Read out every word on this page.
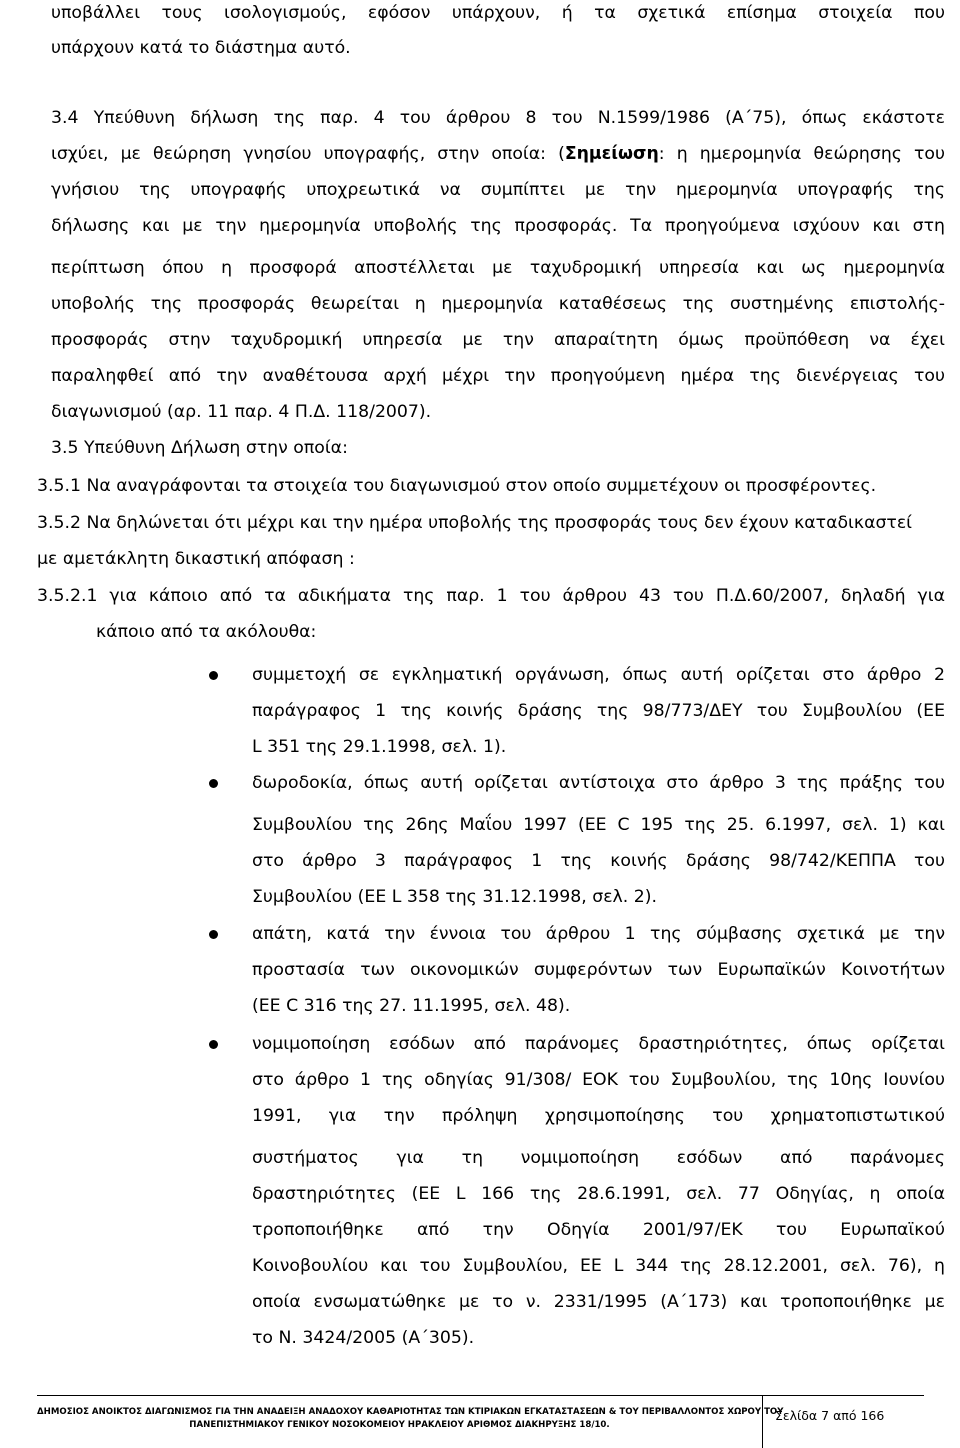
υποβάλλει τους ισολογισμούς, εφόσον υπάρχουν, ή τα σχετικά επίσημα στοιχεία που
υπάρχουν κατά το διάστημα αυτό.
3.4 Υπεύθυνη δήλωση της παρ. 4 του άρθρου 8 του Ν.1599/1986 (Α΄75), όπως εκάστοτε
ισχύει, με θεώρηση γνησίου υπογραφής, στην οποία: (Σημείωση: η ημερομηνία θεώρησης του
γνήσιου της υπογραφής υποχρεωτικά να συμπίπτει με την ημερομηνία υπογραφής της
δήλωσης και με την ημερομηνία υποβολής της προσφοράς. Τα προηγούμενα ισχύουν και στη
περίπτωση όπου η προσφορά αποστέλλεται με ταχυδρομική υπηρεσία και ως ημερομηνία
υποβολής της προσφοράς θεωρείται η ημερομηνία καταθέσεως της συστημένης επιστολής-
προσφοράς στην ταχυδρομική υπηρεσία με την απαραίτητη όμως προϋπόθεση να έχει
παραληφθεί από την αναθέτουσα αρχή μέχρι την προηγούμενη ημέρα της διενέργειας του
διαγωνισμού (αρ. 11 παρ. 4 Π.Δ. 118/2007).
3.5 Υπεύθυνη Δήλωση στην οποία:
3.5.1 Να αναγράφονται τα στοιχεία του διαγωνισμού στον οποίο συμμετέχουν οι προσφέροντες.
3.5.2 Να δηλώνεται ότι μέχρι και την ημέρα υποβολής της προσφοράς τους δεν έχουν καταδικαστεί
με αμετάκλητη δικαστική απόφαση :
3.5.2.1 για κάποιο από τα αδικήματα της παρ. 1 του άρθρου 43 του Π.Δ.60/2007, δηλαδή για
κάποιο από τα ακόλουθα:
συμμετοχή σε εγκληματική οργάνωση, όπως αυτή ορίζεται στο άρθρο 2
παράγραφος 1 της κοινής δράσης της 98/773/ΔΕΥ του Συμβουλίου (ΕΕ
L 351 της 29.1.1998, σελ. 1).
δωροδοκία, όπως αυτή ορίζεται αντίστοιχα στο άρθρο 3 της πράξης του
Συμβουλίου της 26ης Μαΐου 1997 (ΕΕ C 195 της 25. 6.1997, σελ. 1) και
στο άρθρο 3 παράγραφος 1 της κοινής δράσης 98/742/ΚΕΠΠΑ του
Συμβουλίου (ΕΕ L 358 της 31.12.1998, σελ. 2).
απάτη, κατά την έννοια του άρθρου 1 της σύμβασης σχετικά με την
προστασία των οικονομικών συμφερόντων των Ευρωπαϊκών Κοινοτήτων
(ΕΕ C 316 της 27. 11.1995, σελ. 48).
νομιμοποίηση εσόδων από παράνομες δραστηριότητες, όπως ορίζεται
στο άρθρο 1 της οδηγίας 91/308/ ΕΟΚ του Συμβουλίου, της 10ης Ιουνίου
1991, για την πρόληψη χρησιμοποίησης του χρηματοπιστωτικού
συστήματος για τη νομιμοποίηση εσόδων από παράνομες
δραστηριότητες (ΕΕ L 166 της 28.6.1991, σελ. 77 Οδηγίας, η οποία
τροποποιήθηκε από την Οδηγία 2001/97/ΕΚ του Ευρωπαϊκού
Κοινοβουλίου και του Συμβουλίου, ΕΕ L 344 της 28.12.2001, σελ. 76), η
οποία ενσωματώθηκε με το ν. 2331/1995 (Α΄173) και τροποποιήθηκε με
το Ν. 3424/2005 (Α΄305).
ΔΗΜΟΣΙΟΣ ΑΝΟΙΚΤΟΣ ΔΙΑΓΩΝΙΣΜΟΣ ΓΙΑ ΤΗΝ ΑΝΑΔΕΙΞΗ ΑΝΑΔΟΧΟΥ ΚΑΘΑΡΙΟΤΗΤΑΣ ΤΩΝ ΚΤΙΡΙΑΚΩΝ ΕΓΚΑΤΑΣΤΑΣΕΩΝ & ΤΟΥ ΠΕΡΙΒΑΛΛΟΝΤΟΣ ΧΩΡΟΥ ΤΟΥ
ΠΑΝΕΠΙΣΤΗΜΙΑΚΟΥ ΓΕΝΙΚΟΥ ΝΟΣΟΚΟΜΕΙΟΥ ΗΡΑΚΛΕΙΟΥ ΑΡΙΘΜΟΣ ΔΙΑΚΗΡΥΞΗΣ 18/10.
Σελίδα 7 από 166
